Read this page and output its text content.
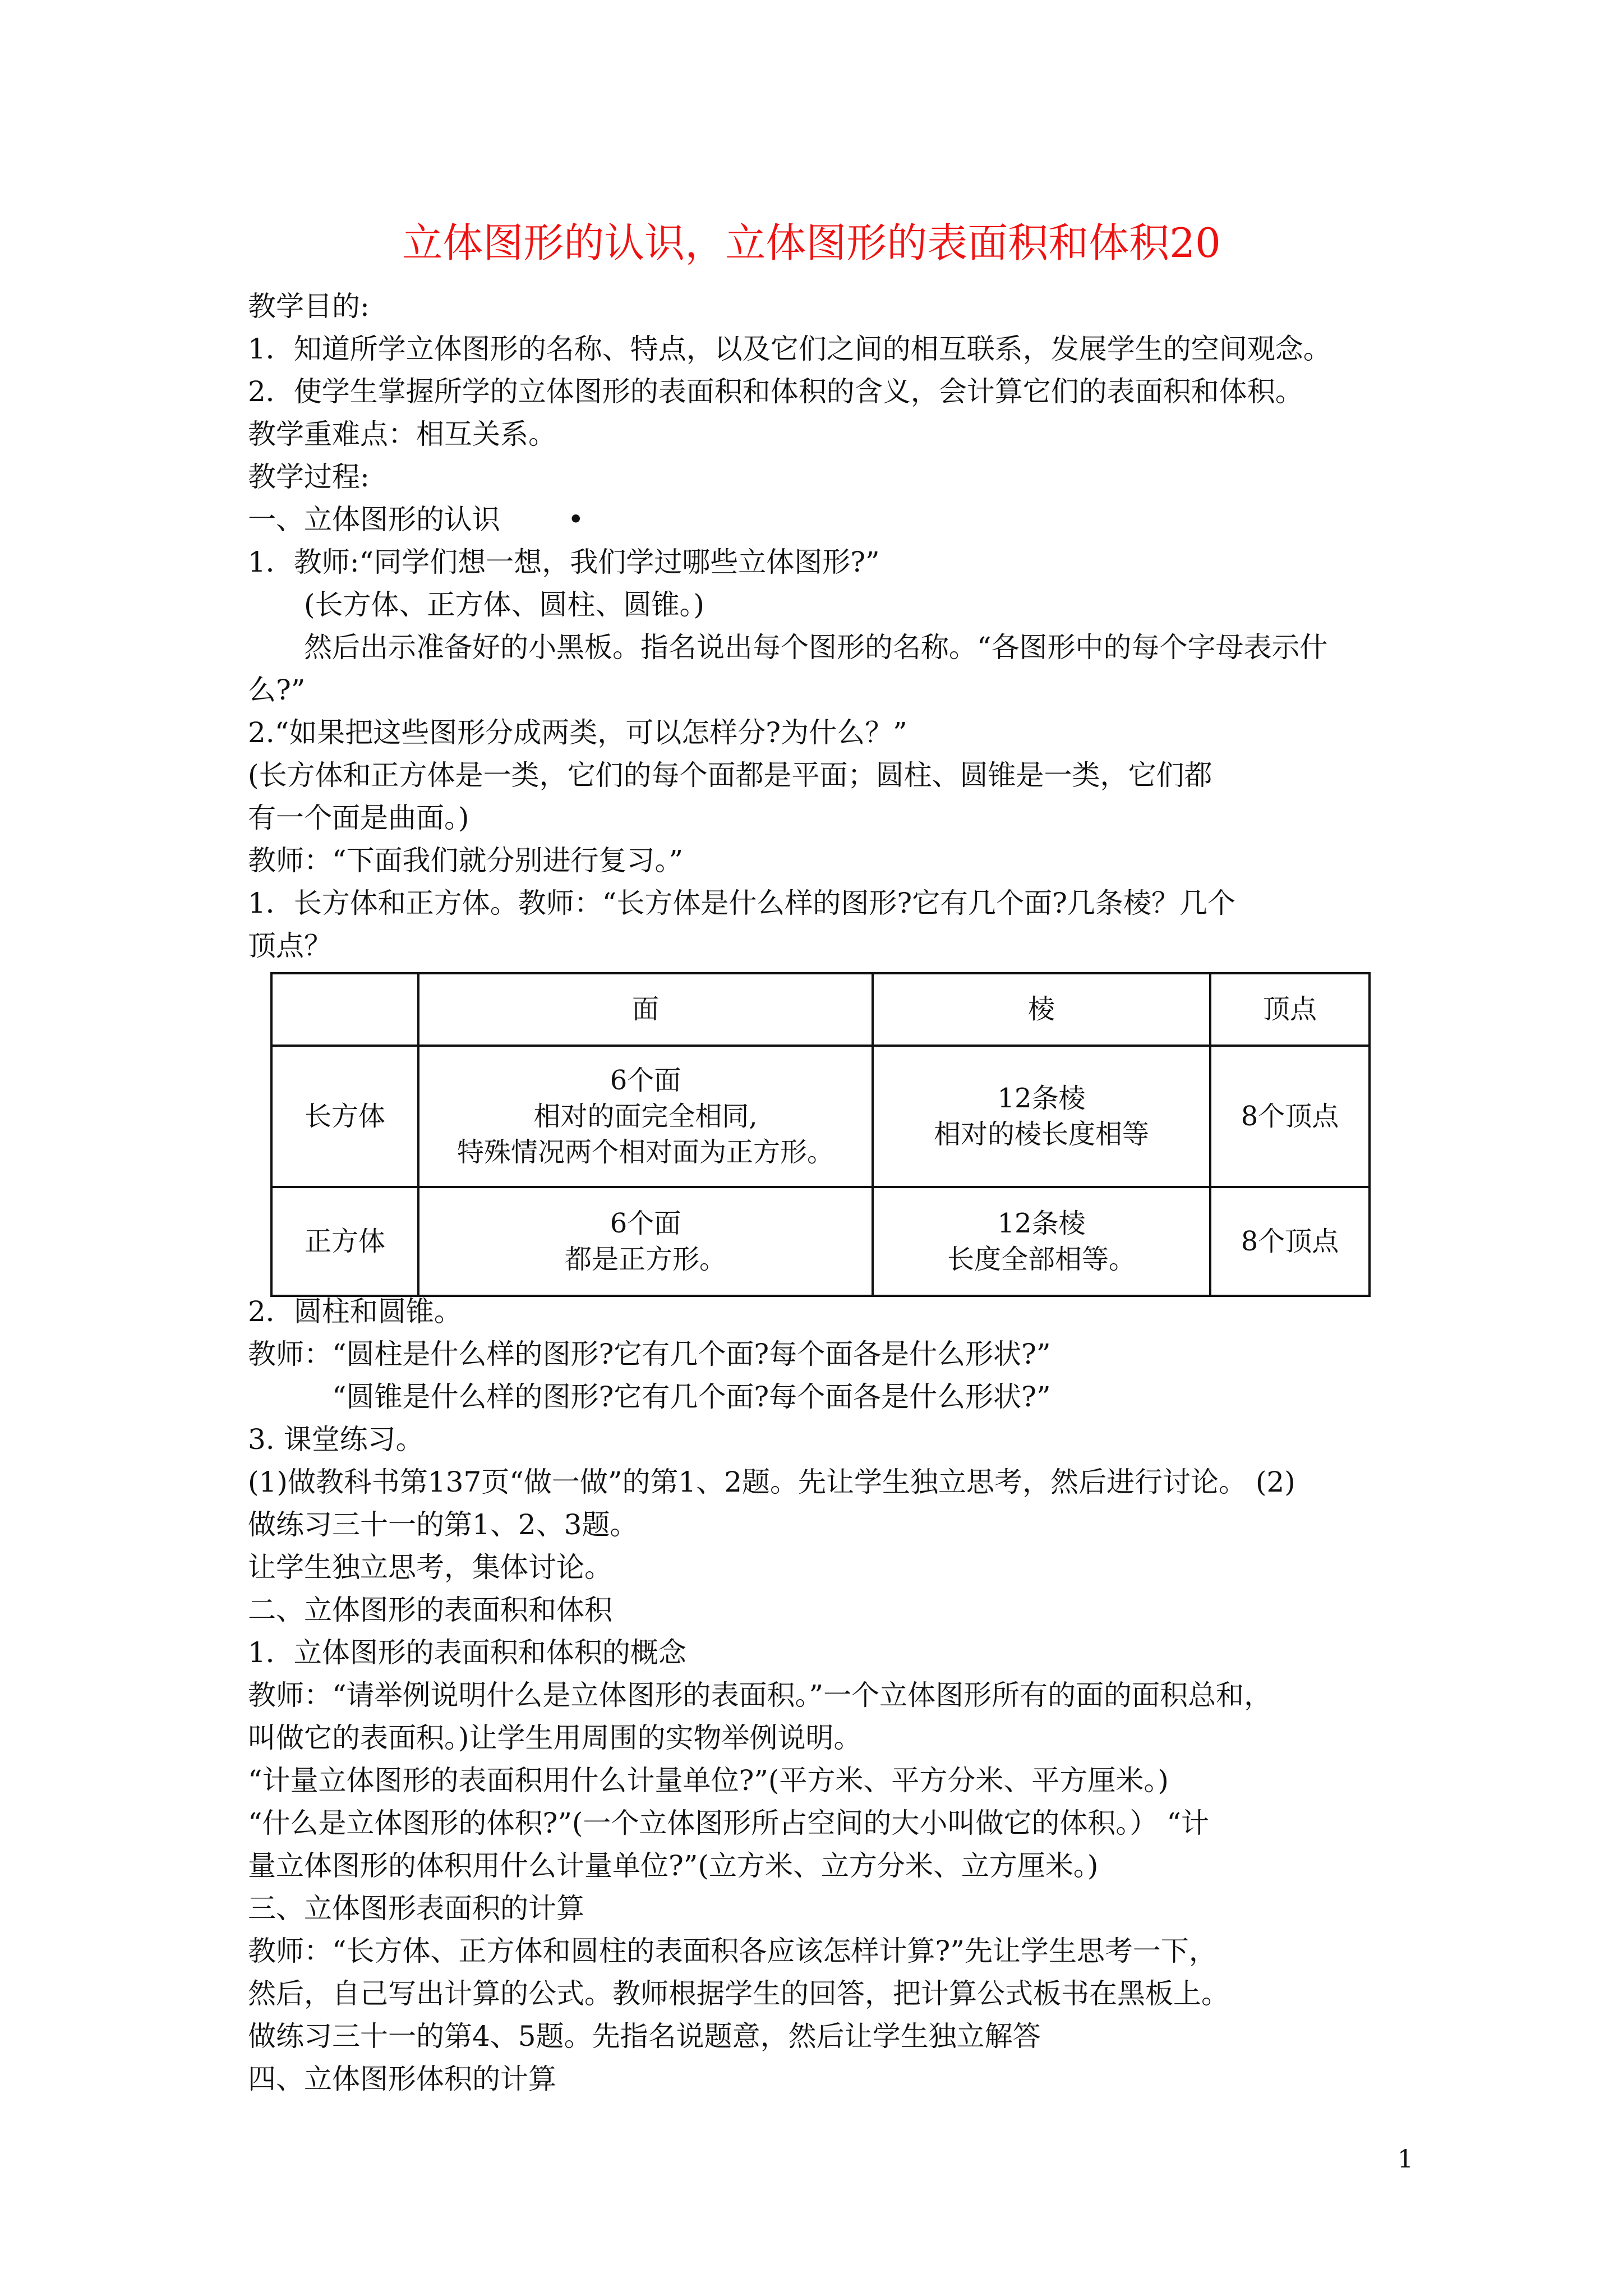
立体图形的认识，立体图形的表面积和体积20
教学目的:
1．知道所学立体图形的名称、特点，以及它们之间的相互联系，发展学生的空间观念。
2．使学生掌握所学的立体图形的表面积和体积的含义，会计算它们的表面积和体积。
教学重难点：相互关系。
教学过程:
一、立体图形的认识 •
1．教师:“同学们想一想，我们学过哪些立体图形?”
(长方体、正方体、圆柱、圆锥。)
然后出示准备好的小黑板。指名说出每个图形的名称。“各图形中的每个字母表示什
么?”
2.“如果把这些图形分成两类，可以怎样分?为什么？”
(长方体和正方体是一类，它们的每个面都是平面；圆柱、圆锥是一类，它们都
有一个面是曲面。)
教师：“下面我们就分别进行复习。”
1．长方体和正方体。教师：“长方体是什么样的图形?它有几个面?几条棱？几个
顶点？
	面	棱	顶点
长方体	6个面
相对的面完全相同,
特殊情况两个相对面为正方形。	12条棱
相对的棱长度相等	8个顶点
正方体	6个面
都是正方形。	12条棱
长度全部相等。	8个顶点
2．圆柱和圆锥。
教师：“圆柱是什么样的图形?它有几个面?每个面各是什么形状?”
“圆锥是什么样的图形?它有几个面?每个面各是什么形状?”
3. 课堂练习。
(1)做教科书第137页“做一做”的第1、2题。先让学生独立思考，然后进行讨论。 (2)
做练习三十一的第1、2、3题。
让学生独立思考，集体讨论。
二、立体图形的表面积和体积
1．立体图形的表面积和体积的概念
教师：“请举例说明什么是立体图形的表面积。”一个立体图形所有的面的面积总和，
叫做它的表面积。)让学生用周围的实物举例说明。
“计量立体图形的表面积用什么计量单位?”(平方米、平方分米、平方厘米。)
“什么是立体图形的体积?”(一个立体图形所占空间的大小叫做它的体积。） “计
量立体图形的体积用什么计量单位?”(立方米、立方分米、立方厘米。)
三、立体图形表面积的计算
教师：“长方体、正方体和圆柱的表面积各应该怎样计算?”先让学生思考一下，
然后，自己写出计算的公式。教师根据学生的回答，把计算公式板书在黑板上。
做练习三十一的第4、5题。先指名说题意，然后让学生独立解答
四、立体图形体积的计算
1
